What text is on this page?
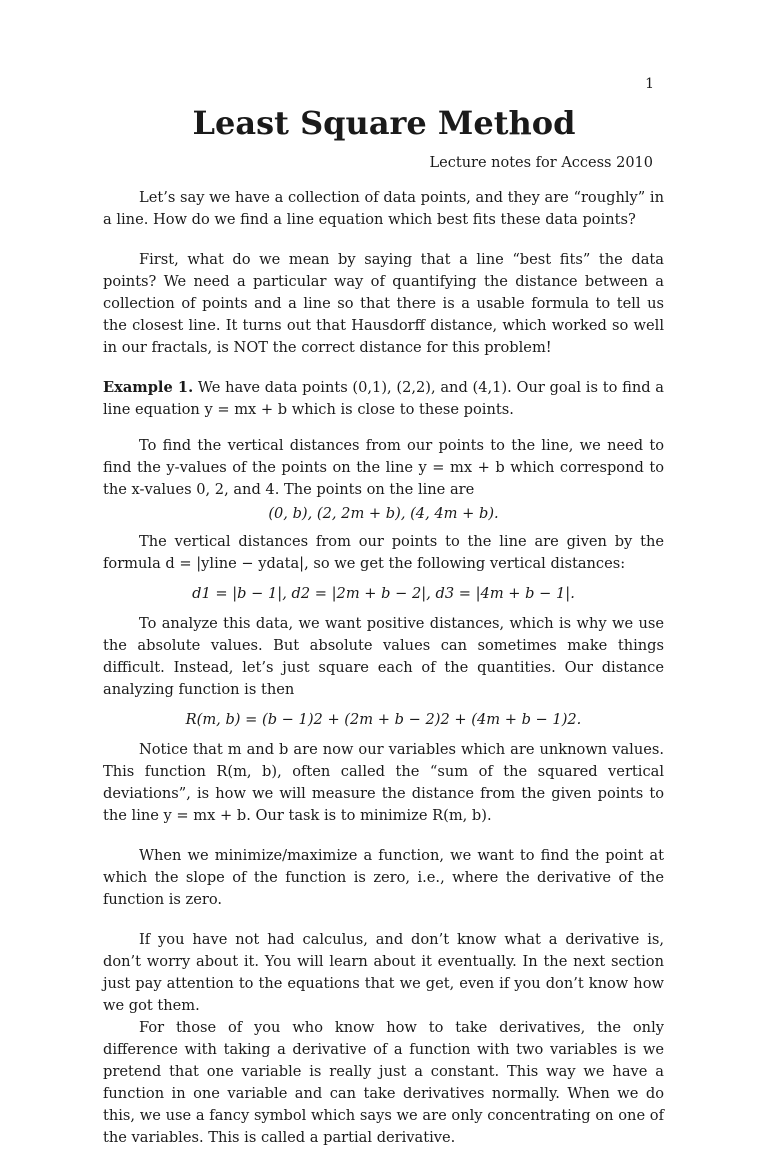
1
Least Square Method
Lecture notes for Access 2010

Let’s say we have a collection of data points, and they are “roughly” in a line. How do we find a line equation which best fits these data points?

First, what do we mean by saying that a line “best fits” the data points? We need a particular way of quantifying the distance between a collection of points and a line so that there is a usable formula to tell us the closest line. It turns out that Hausdorff distance, which worked so well in our fractals, is NOT the correct distance for this problem!

Example 1. We have data points (0,1), (2,2), and (4,1). Our goal is to find a line equation y = mx + b which is close to these points.

To find the vertical distances from our points to the line, we need to find the y-values of the points on the line y = mx + b which correspond to the x-values 0, 2, and 4. The points on the line are

(0, b), (2, 2m + b), (4, 4m + b).

The vertical distances from our points to the line are given by the formula d = |yline − ydata|, so we get the following vertical distances:

d1 = |b − 1|, d2 = |2m + b − 2|, d3 = |4m + b − 1|.

To analyze this data, we want positive distances, which is why we use the absolute values. But absolute values can sometimes make things difficult. Instead, let’s just square each of the quantities. Our distance analyzing function is then

R(m, b) = (b − 1)2 + (2m + b − 2)2 + (4m + b − 1)2.

Notice that m and b are now our variables which are unknown values. This function R(m, b), often called the “sum of the squared vertical deviations”, is how we will measure the distance from the given points to the line y = mx + b. Our task is to minimize R(m, b).

When we minimize/maximize a function, we want to find the point at which the slope of the function is zero, i.e., where the derivative of the function is zero.

If you have not had calculus, and don’t know what a derivative is, don’t worry about it. You will learn about it eventually. In the next section just pay attention to the equations that we get, even if you don’t know how we got them.

For those of you who know how to take derivatives, the only difference with taking a derivative of a function with two variables is we pretend that one variable is really just a constant. This way we have a function in one variable and can take derivatives normally. When we do this, we use a fancy symbol which says we are only concentrating on one of the variables. This is called a partial derivative.
